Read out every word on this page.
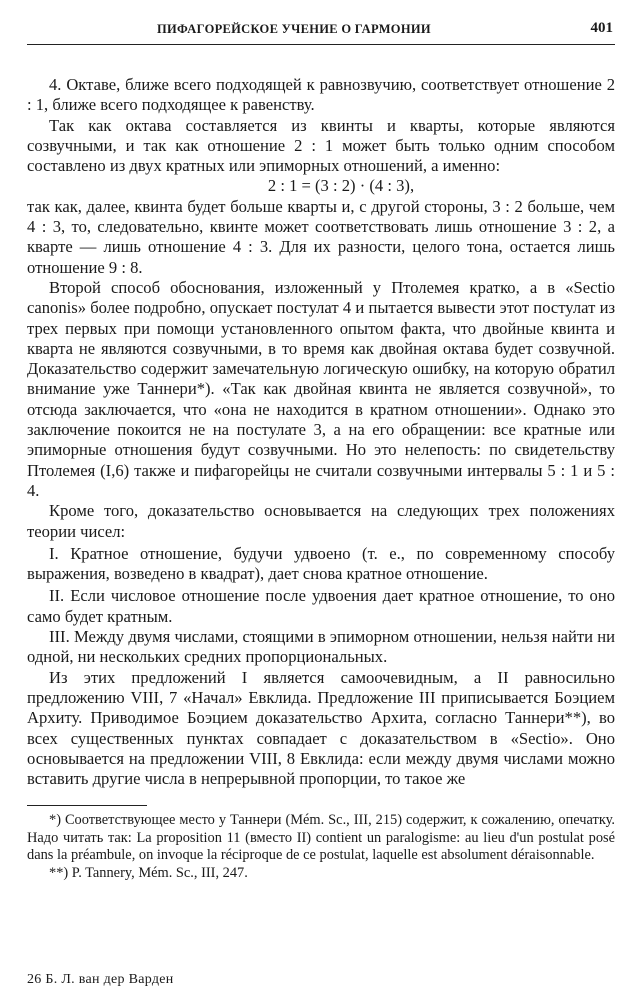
ПИФАГОРЕЙСКОЕ УЧЕНИЕ О ГАРМОНИИ	401

4. Октаве, ближе всего подходящей к равнозвучию, соответствует отношение 2 : 1, ближе всего подходящее к равенству.

Так как октава составляется из квинты и кварты, которые являются созвучными, и так как отношение 2 : 1 может быть только одним способом составлено из двух кратных или эпиморных отношений, а именно:

2 : 1 = (3 : 2) · (4 : 3),

так как, далее, квинта будет больше кварты и, с другой стороны, 3 : 2 больше, чем 4 : 3, то, следовательно, квинте может соответствовать лишь отношение 3 : 2, а кварте — лишь отношение 4 : 3. Для их разности, целого тона, остается лишь отношение 9 : 8.

Второй способ обоснования, изложенный у Птолемея кратко, а в «Sectio canonis» более подробно, опускает постулат 4 и пытается вывести этот постулат из трех первых при помощи установленного опытом факта, что двойные квинта и кварта не являются созвучными, в то время как двойная октава будет созвучной. Доказательство содержит замечательную логическую ошибку, на которую обратил внимание уже Таннери*). «Так как двойная квинта не является созвучной», то отсюда заключается, что «она не находится в кратном отношении». Однако это заключение покоится не на постулате 3, а на его обращении: все кратные или эпиморные отношения будут созвучными. Но это нелепость: по свидетельству Птолемея (I,6) также и пифагорейцы не считали созвучными интервалы 5 : 1 и 5 : 4.

Кроме того, доказательство основывается на следующих трех положениях теории чисел:

I. Кратное отношение, будучи удвоено (т. е., по современному способу выражения, возведено в квадрат), дает снова кратное отношение.

II. Если числовое отношение после удвоения дает кратное отношение, то оно само будет кратным.

III. Между двумя числами, стоящими в эпиморном отношении, нельзя найти ни одной, ни нескольких средних пропорциональных.

Из этих предложений I является самоочевидным, а II равносильно предложению VIII, 7 «Начал» Евклида. Предложение III приписывается Боэцием Архиту. Приводимое Боэцием доказательство Архита, согласно Таннери**), во всех существенных пунктах совпадает с доказательством в «Sectio». Оно основывается на предложении VIII, 8 Евклида: если между двумя числами можно вставить другие числа в непрерывной пропорции, то такое же

*) Соответствующее место у Таннери (Mém. Sc., III, 215) содержит, к сожалению, опечатку. Надо читать так: La proposition 11 (вместо II) contient un paralogisme: au lieu d'un postulat posé dans la préambule, on invoque la réciproque de ce postulat, laquelle est absolument déraisonnable.

**) P. Tannery, Mém. Sc., III, 247.

26 Б. Л. ван дер Варден
